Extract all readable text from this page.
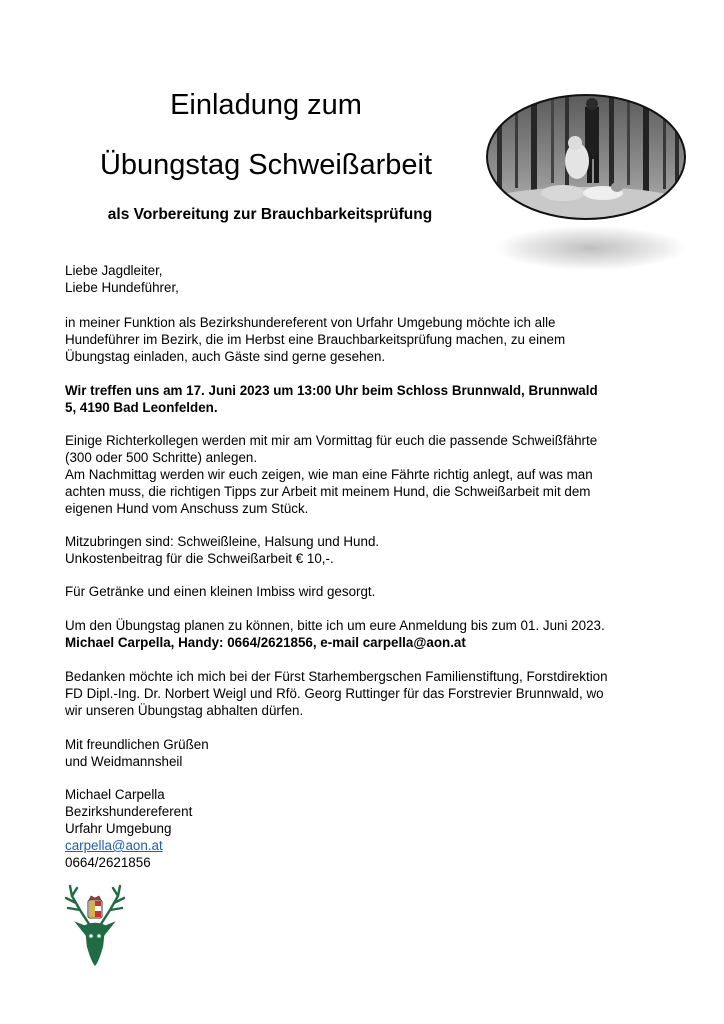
Einladung zum
Übungstag Schweißarbeit
als Vorbereitung zur Brauchbarkeitsprüfung

Liebe Jagdleiter,
Liebe Hundeführer,

in meiner Funktion als Bezirkshundereferent von Urfahr Umgebung möchte ich alle
Hundeführer im Bezirk, die im Herbst eine Brauchbarkeitsprüfung machen, zu einem
Übungstag einladen, auch Gäste sind gerne gesehen.

Wir treffen uns am 17. Juni 2023 um 13:00 Uhr beim Schloss Brunnwald, Brunnwald
5, 4190 Bad Leonfelden.

Einige Richterkollegen werden mit mir am Vormittag für euch die passende Schweißfährte
(300 oder 500 Schritte) anlegen.
Am Nachmittag werden wir euch zeigen, wie man eine Fährte richtig anlegt, auf was man
achten muss, die richtigen Tipps zur Arbeit mit meinem Hund, die Schweißarbeit mit dem
eigenen Hund vom Anschuss zum Stück.

Mitzubringen sind: Schweißleine, Halsung und Hund.
Unkostenbeitrag für die Schweißarbeit € 10,-.

Für Getränke und einen kleinen Imbiss wird gesorgt.

Um den Übungstag planen zu können, bitte ich um eure Anmeldung bis zum 01. Juni 2023.
Michael Carpella, Handy: 0664/2621856, e-mail carpella@aon.at

Bedanken möchte ich mich bei der Fürst Starhembergschen Familienstiftung, Forstdirektion
FD Dipl.-Ing. Dr. Norbert Weigl und Rfö. Georg Ruttinger für das Forstrevier Brunnwald, wo
wir unseren Übungstag abhalten dürfen.

Mit freundlichen Grüßen
und Weidmannsheil

Michael Carpella
Bezirkshundereferent
Urfahr Umgebung
carpella@aon.at
0664/2621856
